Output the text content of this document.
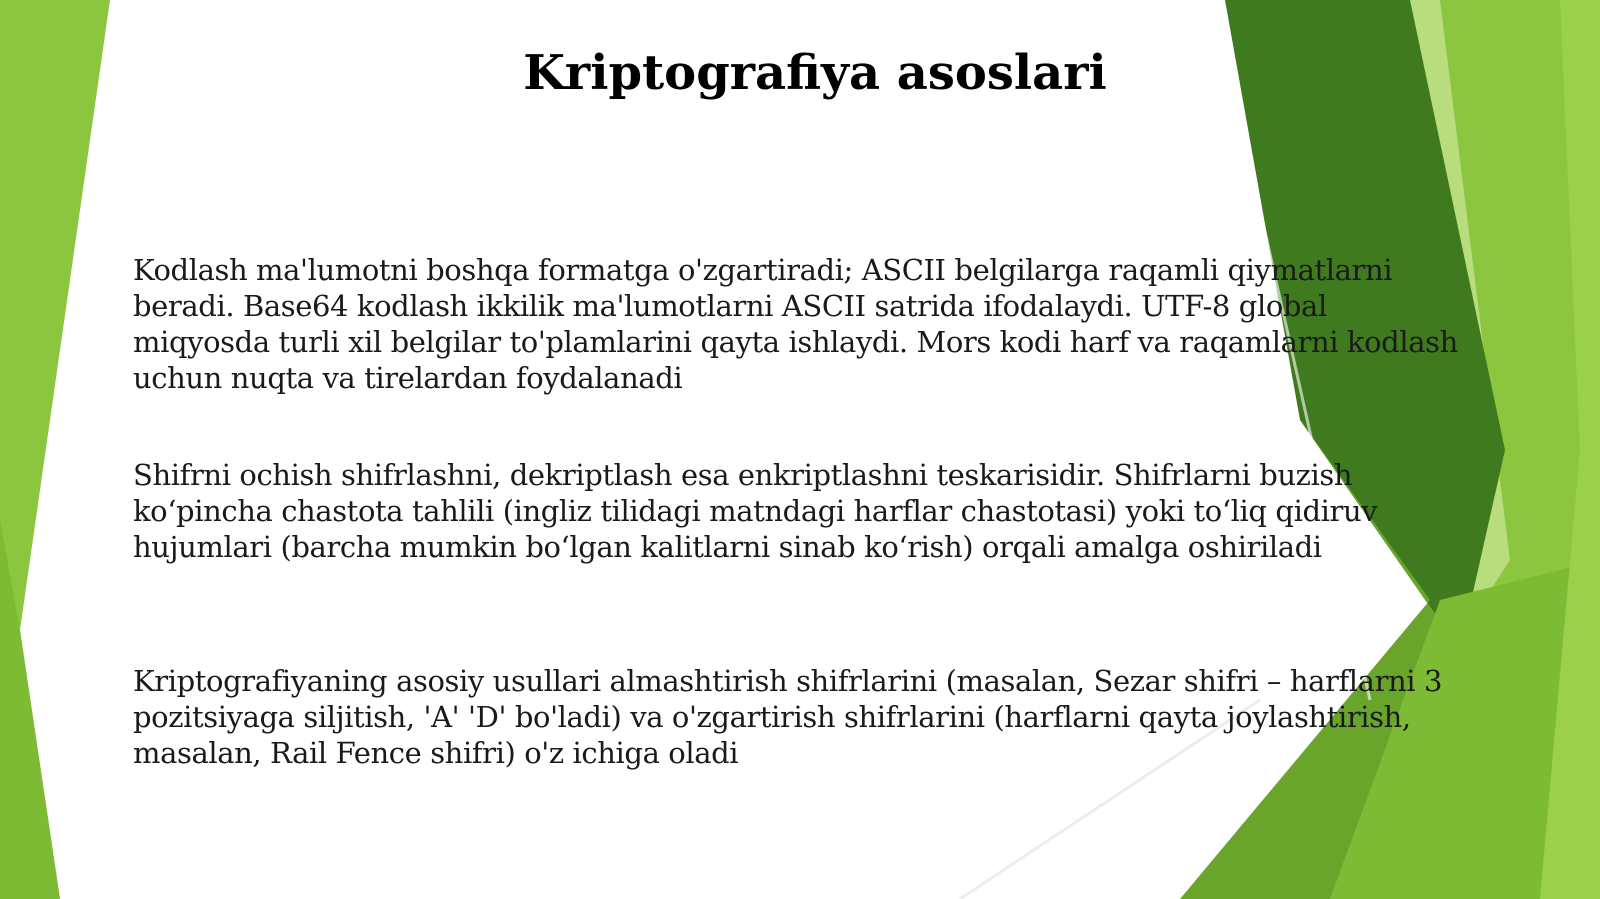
Kriptografiya asoslari

Kodlash ma'lumotni boshqa formatga o'zgartiradi; ASCII belgilarga raqamli qiymatlarni beradi. Base64 kodlash ikkilik ma'lumotlarni ASCII satrida ifodalaydi. UTF-8 global miqyosda turli xil belgilar to'plamlarini qayta ishlaydi. Mors kodi harf va raqamlarni kodlash uchun nuqta va tirelardan foydalanadi

Shifrni ochish shifrlashni, dekriptlash esa enkriptlashni teskarisidir. Shifrlarni buzish ko‘pincha chastota tahlili (ingliz tilidagi matndagi harflar chastotasi) yoki to‘liq qidiruv hujumlari (barcha mumkin bo‘lgan kalitlarni sinab ko‘rish) orqali amalga oshiriladi

Kriptografiyaning asosiy usullari almashtirish shifrlarini (masalan, Sezar shifri – harflarni 3 pozitsiyaga siljitish, 'A' 'D' bo'ladi) va o'zgartirish shifrlarini (harflarni qayta joylashtirish, masalan, Rail Fence shifri) o'z ichiga oladi
